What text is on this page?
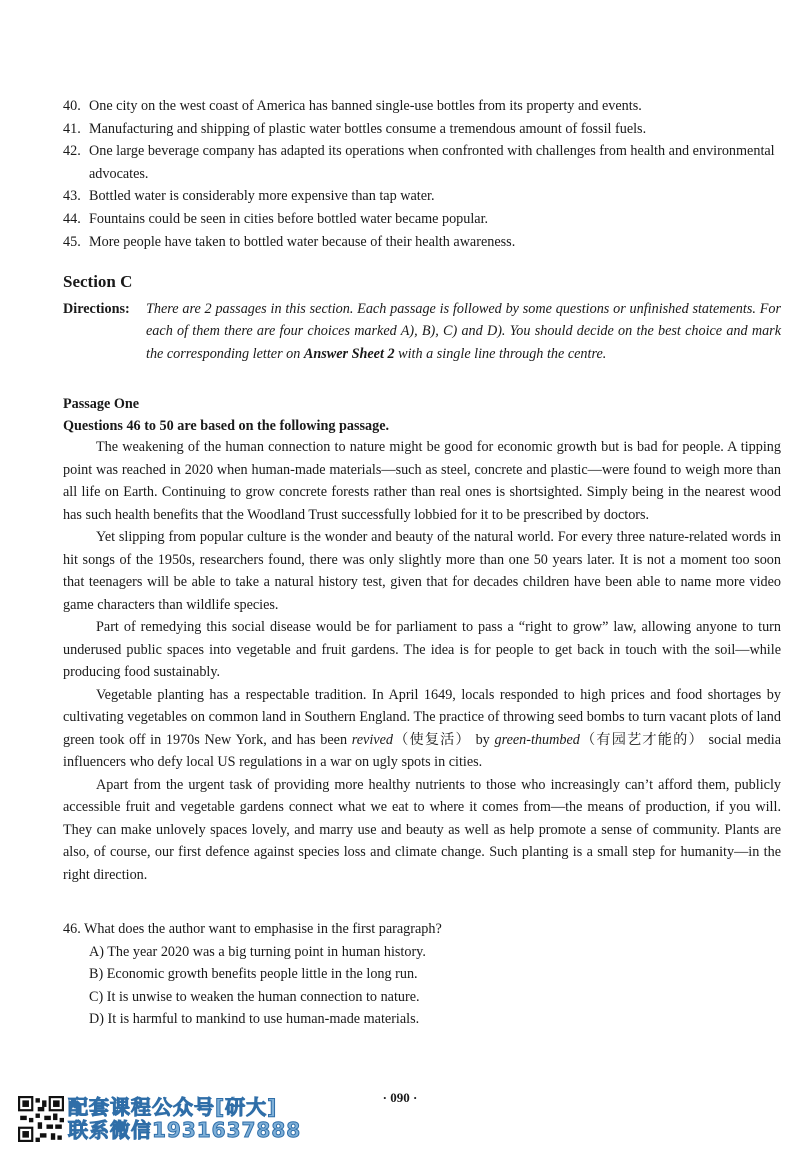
40. One city on the west coast of America has banned single-use bottles from its property and events.
41. Manufacturing and shipping of plastic water bottles consume a tremendous amount of fossil fuels.
42. One large beverage company has adapted its operations when confronted with challenges from health and environmental advocates.
43. Bottled water is considerably more expensive than tap water.
44. Fountains could be seen in cities before bottled water became popular.
45. More people have taken to bottled water because of their health awareness.
Section C
Directions:	There are 2 passages in this section. Each passage is followed by some questions or unfinished statements. For each of them there are four choices marked A), B), C) and D). You should decide on the best choice and mark the corresponding letter on Answer Sheet 2 with a single line through the centre.
Passage One
Questions 46 to 50 are based on the following passage.

The weakening of the human connection to nature might be good for economic growth but is bad for people. A tipping point was reached in 2020 when human-made materials—such as steel, concrete and plastic—were found to weigh more than all life on Earth. Continuing to grow concrete forests rather than real ones is shortsighted. Simply being in the nearest wood has such health benefits that the Woodland Trust successfully lobbied for it to be prescribed by doctors.

Yet slipping from popular culture is the wonder and beauty of the natural world. For every three nature-related words in hit songs of the 1950s, researchers found, there was only slightly more than one 50 years later. It is not a moment too soon that teenagers will be able to take a natural history test, given that for decades children have been able to name more video game characters than wildlife species.

Part of remedying this social disease would be for parliament to pass a “right to grow” law, allowing anyone to turn underused public spaces into vegetable and fruit gardens. The idea is for people to get back in touch with the soil—while producing food sustainably.

Vegetable planting has a respectable tradition. In April 1649, locals responded to high prices and food shortages by cultivating vegetables on common land in Southern England. The practice of throwing seed bombs to turn vacant plots of land green took off in 1970s New York, and has been revived（使复活） by green-thumbed（有园艺才能的） social media influencers who defy local US regulations in a war on ugly spots in cities.

Apart from the urgent task of providing more healthy nutrients to those who increasingly can’t afford them, publicly accessible fruit and vegetable gardens connect what we eat to where it comes from—the means of production, if you will. They can make unlovely spaces lovely, and marry use and beauty as well as help promote a sense of community. Plants are also, of course, our first defence against species loss and climate change. Such planting is a small step for humanity—in the right direction.

46. What does the author want to emphasise in the first paragraph?
A) The year 2020 was a big turning point in human history.
B) Economic growth benefits people little in the long run.
C) It is unwise to weaken the human connection to nature.
D) It is harmful to mankind to use human-made materials.
· 090 ·
配套课程公众号[研大]
联系微信1931637888
